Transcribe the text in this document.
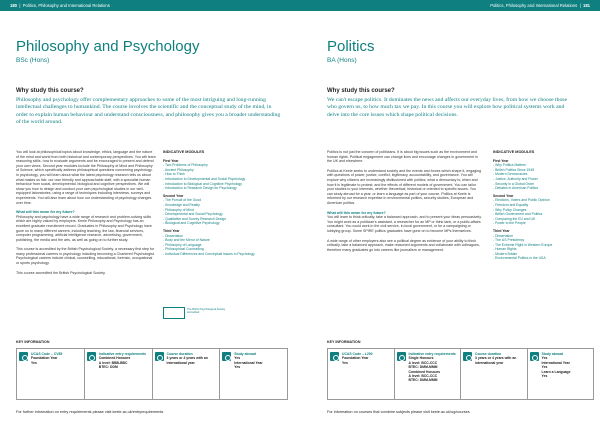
180  |  Politics, Philosophy and International Relations
Philosophy and Psychology
BSc (Hons)
Why study this course?
Philosophy and psychology offer complementary approaches to some of the most intriguing and long-running intellectual challenges to humankind. The course involves the scientific and the conceptual study of the mind, in order to explain human behaviour and understand consciousness, and philosophy gives you a broader understanding of the world around.

You will look at philosophical topics about knowledge, ethics, language and the nature of the mind and world from both historical and contemporary perspectives. You will learn reasoning skills, how to evaluate arguments and be encouraged to present and defend your own views. Second year modules include the Philosophy of Mind and Philosophy of Science, which specifically address philosophical questions concerning psychology. In psychology, you will learn about what the latest psychology research tells us about what makes us tick: our own friendly and approachable staff, with a specialist human behaviour from social, developmental, biological and cognitive perspectives. We will show you how to design and conduct your own psychological studies in our well-equipped laboratories, using a range of techniques including interviews, surveys and experiments. You will also learn about how our understanding of psychology changes over time.

What will this mean for my future?

Philosophy and psychology have a wide range of research and problem-solving skills which are highly valued by employers. Keele Philosophy and Psychology has an excellent graduate recruitment record. Graduates in Philosophy and Psychology have gone on to many different careers, including teaching, the law, financial services, computer programming, artificial intelligence research, advertising, government, publishing, the media and the arts, as well as going on to further study.

This course is accredited by the British Psychological Society, a necessary first step for many professional careers in psychology including becoming a Chartered Psychologist. Psychological careers include clinical, counselling, educational, forensic, occupational or sports psychology.

This course accredited the British Psychological Society.

INDICATIVE MODULES
First Year
- Two Problems of Philosophy
- Ancient Philosophy
- How to Think
- Introduction to Developmental and Social Psychology
- Introduction to Biological and Cognitive Psychology
- Introduction to Research Design for Psychology
Second Year
- The Pursuit of the Good
- Knowledge and Reality
- Philosophy of Mind
- Developmental and Social Psychology
- Qualitative and Survey Research Design
- Biological and Cognitive Psychology
Third Year
- Dissertation
- Body and the Mirror of Nature
- Philosophy of Language
- Philosophical Counselling
- Individual Differences and Conceptual Issues in Psychology
The British Psychological Society Accredited
KEY INFORMATION
UCAS Code – CV85
Foundation Year
Yes
Indicative entry requirements
Combined Honours
A level: BBB-BBC
BTEC: DDM
Course duration
3 years or 4 years with an international year
Study abroad
Yes
International Year
Yes
For further information on entry requirements please visit keele.ac.uk/entryrequirements
Politics, Philosophy and International Relations  |  181
Politics
BA (Hons)
Why study this course?
We can't escape politics. It dominates the news and affects our everyday lives, from how we choose those who govern us, to how much tax we pay. In this course you will explore how political systems work and delve into the core issues which shape political decisions.

Politics is not just the concern of politicians. It is about big issues such as the environment and human rights. Political engagement can change lives and encourage changes in government in the UK and elsewhere.

Politics at Keele seeks to understand society and the events and forces which shape it, engaging with questions of power, justice, conflict, legitimacy, accountability, and governance. You will explore why citizens are increasingly disillusioned with politics; what a democracy is; when and how it is legitimate to protest; and the effects of different models of government. You can tailor your studies to your interests, whether theoretical, historical or oriented to specific issues. You can study abroad for a year, or learn a language as part of your course. Politics at Keele is informed by our research expertise in environmental politics, security studies, European and American politics.

What will this mean for my future?

You will learn to think critically, take a balanced approach, and to present your ideas persuasively. You might work as a politician's assistant, a researcher for an MP or think tank, or a public-affairs consultant. You could work in the civil service, in local government, or for a campaigning or lobbying group. Some SPIRE politics graduates have gone on to become MPs themselves.

A wide range of other employers also see a political degree as evidence of your ability to think critically, take a balanced approach, make reasoned arguments and collaborate with colleagues, therefore many graduates go into careers like journalism or management.

INDICATIVE MODULES
First Year
- Why Politics Matters
- British Politics Since 1945
- Modern Democracies
- Justice, Authority and Power
- Security in a Global Order
- Debates in American Politics
Second Year
- Elections, Voters and Public Opinion
- Freedom and Equality
- Why Policy Changes
- British Government and Politics
- Comparing the EU and UK
- Power to the People
Third Year
- Dissertation
- The US Presidency
- The Extreme Right in Western Europe
- Human Rights
- Modern Britain
- Environmental Politics in the USA
KEY INFORMATION
UCAS Code – L200
Foundation Year
Yes
Indicative entry requirements
Single Honours
A level: BCC-CCC
BTEC: DMM-MMM
Combined Honours
A level: BCC-CCC
BTEC: DMM-MMM
Course duration
3 years or 4 years with an international year
Study abroad
Yes
International Year
Yes
Learn a Language
Yes
For information on courses that combine subjects please visit keele.ac.uk/ug/courses
